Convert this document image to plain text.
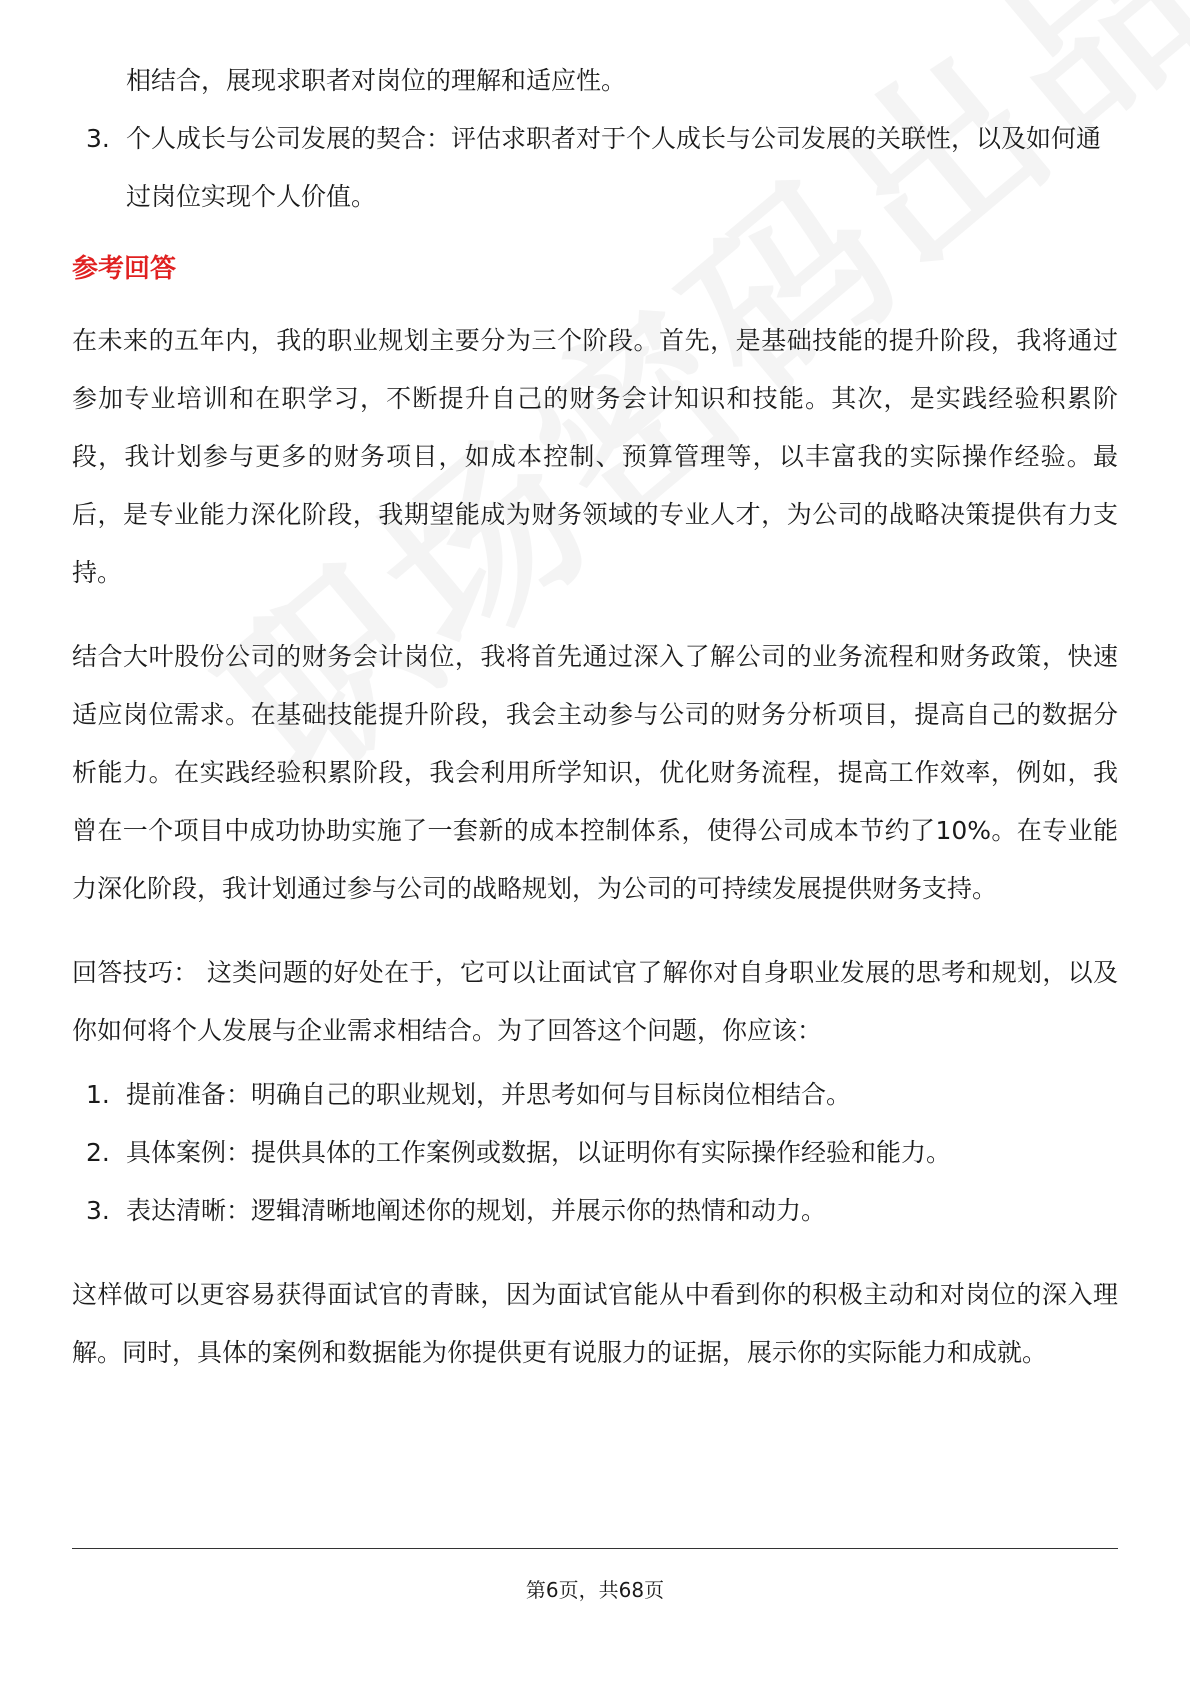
相结合，展现求职者对岗位的理解和适应性。

3. 个人成长与公司发展的契合：评估求职者对于个人成长与公司发展的关联性，以及如何通过岗位实现个人价值。
参考回答

在未来的五年内，我的职业规划主要分为三个阶段。首先，是基础技能的提升阶段，我将通过参加专业培训和在职学习，不断提升自己的财务会计知识和技能。其次，是实践经验积累阶段，我计划参与更多的财务项目，如成本控制、预算管理等，以丰富我的实际操作经验。最后，是专业能力深化阶段，我期望能成为财务领域的专业人才，为公司的战略决策提供有力支持。

结合大叶股份公司的财务会计岗位，我将首先通过深入了解公司的业务流程和财务政策，快速适应岗位需求。在基础技能提升阶段，我会主动参与公司的财务分析项目，提高自己的数据分析能力。在实践经验积累阶段，我会利用所学知识，优化财务流程，提高工作效率，例如，我曾在一个项目中成功协助实施了一套新的成本控制体系，使得公司成本节约了10%。在专业能力深化阶段，我计划通过参与公司的战略规划，为公司的可持续发展提供财务支持。

回答技巧： 这类问题的好处在于，它可以让面试官了解你对自身职业发展的思考和规划，以及你如何将个人发展与企业需求相结合。为了回答这个问题，你应该：

1. 提前准备：明确自己的职业规划，并思考如何与目标岗位相结合。
2. 具体案例：提供具体的工作案例或数据，以证明你有实际操作经验和能力。
3. 表达清晰：逻辑清晰地阐述你的规划，并展示你的热情和动力。

这样做可以更容易获得面试官的青睐，因为面试官能从中看到你的积极主动和对岗位的深入理解。同时，具体的案例和数据能为你提供更有说服力的证据，展示你的实际能力和成就。

第6页，共68页
